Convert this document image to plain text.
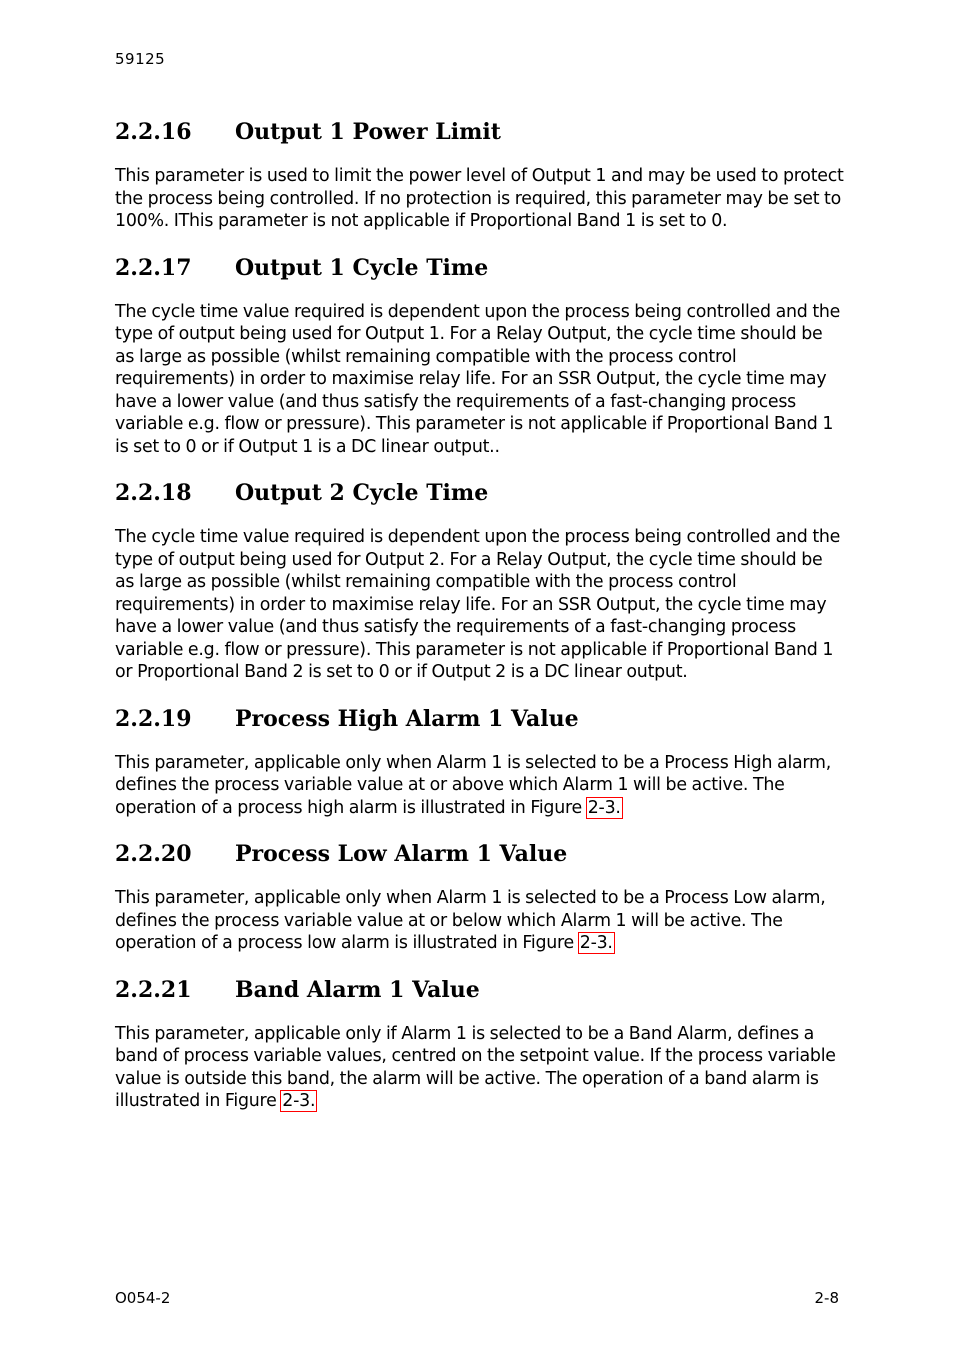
59125
2.2.16 Output 1 Power Limit

This parameter is used to limit the power level of Output 1 and may be used to protect the process being controlled. If no protection is required, this parameter may be set to 100%. IThis parameter is not applicable if Proportional Band 1 is set to 0.

2.2.17 Output 1 Cycle Time

The cycle time value required is dependent upon the process being controlled and the type of output being used for Output 1. For a Relay Output, the cycle time should be as large as possible (whilst remaining compatible with the process control requirements) in order to maximise relay life. For an SSR Output, the cycle time may have a lower value (and thus satisfy the requirements of a fast-changing process variable e.g. flow or pressure). This parameter is not applicable if Proportional Band 1 is set to 0 or if Output 1 is a DC linear output..

2.2.18 Output 2 Cycle Time

The cycle time value required is dependent upon the process being controlled and the type of output being used for Output 2. For a Relay Output, the cycle time should be as large as possible (whilst remaining compatible with the process control requirements) in order to maximise relay life. For an SSR Output, the cycle time may have a lower value (and thus satisfy the requirements of a fast-changing process variable e.g. flow or pressure). This parameter is not applicable if Proportional Band 1 or Proportional Band 2 is set to 0 or if Output 2 is a DC linear output.

2.2.19 Process High Alarm 1 Value

This parameter, applicable only when Alarm 1 is selected to be a Process High alarm, defines the process variable value at or above which Alarm 1 will be active. The operation of a process high alarm is illustrated in Figure 2-3.

2.2.20 Process Low Alarm 1 Value

This parameter, applicable only when Alarm 1 is selected to be a Process Low alarm, defines the process variable value at or below which Alarm 1 will be active. The operation of a process low alarm is illustrated in Figure 2-3.

2.2.21 Band Alarm 1 Value

This parameter, applicable only if Alarm 1 is selected to be a Band Alarm, defines a band of process variable values, centred on the setpoint value. If the process variable value is outside this band, the alarm will be active. The operation of a band alarm is illustrated in Figure 2-3.

O054-2	2-8
